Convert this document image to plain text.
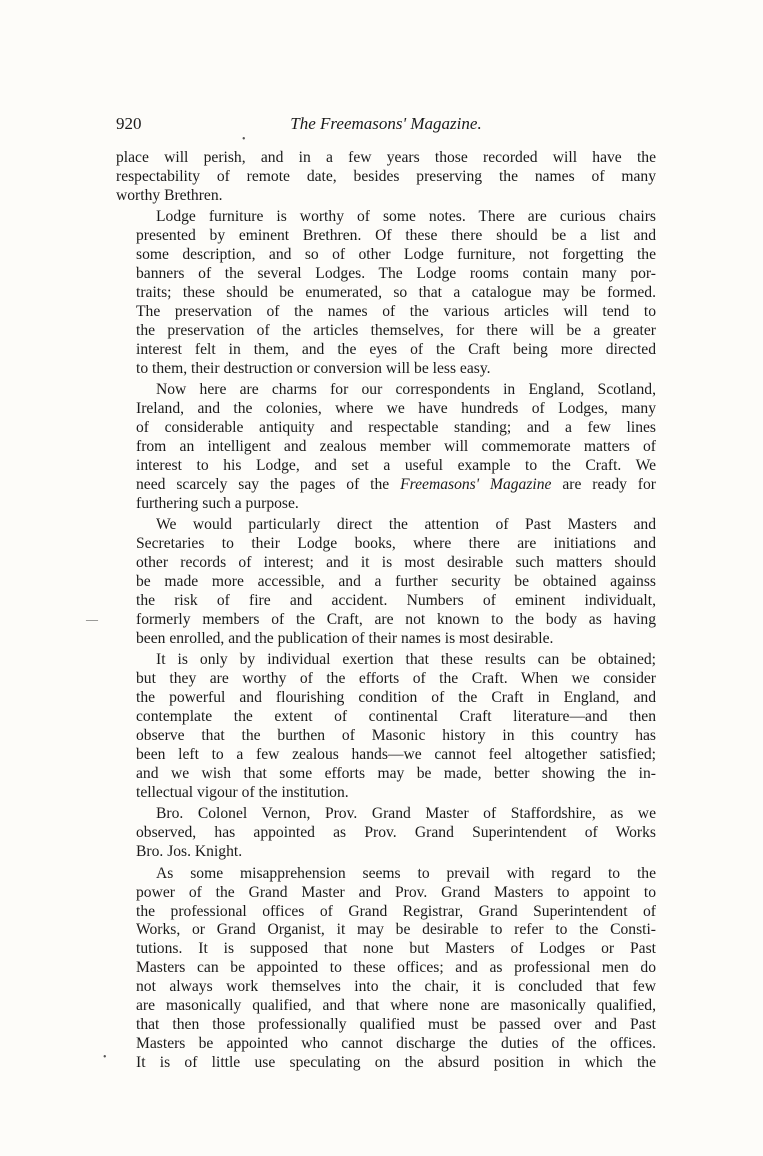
920	The Freemasons' Magazine.
•
—
•

place will perish, and in a few years those recorded will have the
respectability of remote date, besides preserving the names of many
worthy Brethren.

Lodge furniture is worthy of some notes. There are curious chairs
presented by eminent Brethren. Of these there should be a list and
some description, and so of other Lodge furniture, not forgetting the
banners of the several Lodges. The Lodge rooms contain many por-
traits; these should be enumerated, so that a catalogue may be formed.
The preservation of the names of the various articles will tend to
the preservation of the articles themselves, for there will be a greater
interest felt in them, and the eyes of the Craft being more directed
to them, their destruction or conversion will be less easy.

Now here are charms for our correspondents in England, Scotland,
Ireland, and the colonies, where we have hundreds of Lodges, many
of considerable antiquity and respectable standing; and a few lines
from an intelligent and zealous member will commemorate matters of
interest to his Lodge, and set a useful example to the Craft. We
need scarcely say the pages of the Freemasons' Magazine are ready for
furthering such a purpose.

We would particularly direct the attention of Past Masters and
Secretaries to their Lodge books, where there are initiations and
other records of interest; and it is most desirable such matters should
be made more accessible, and a further security be obtained againss
the risk of fire and accident. Numbers of eminent individualt,
formerly members of the Craft, are not known to the body as having
been enrolled, and the publication of their names is most desirable.

It is only by individual exertion that these results can be obtained;
but they are worthy of the efforts of the Craft. When we consider
the powerful and flourishing condition of the Craft in England, and
contemplate the extent of continental Craft literature—and then
observe that the burthen of Masonic history in this country has
been left to a few zealous hands—we cannot feel altogether satisfied;
and we wish that some efforts may be made, better showing the in-
tellectual vigour of the institution.

Bro. Colonel Vernon, Prov. Grand Master of Staffordshire, as we
observed, has appointed as Prov. Grand Superintendent of Works
Bro. Jos. Knight.

As some misapprehension seems to prevail with regard to the
power of the Grand Master and Prov. Grand Masters to appoint to
the professional offices of Grand Registrar, Grand Superintendent of
Works, or Grand Organist, it may be desirable to refer to the Consti-
tutions. It is supposed that none but Masters of Lodges or Past
Masters can be appointed to these offices; and as professional men do
not always work themselves into the chair, it is concluded that few
are masonically qualified, and that where none are masonically qualified,
that then those professionally qualified must be passed over and Past
Masters be appointed who cannot discharge the duties of the offices.
It is of little use speculating on the absurd position in which the
